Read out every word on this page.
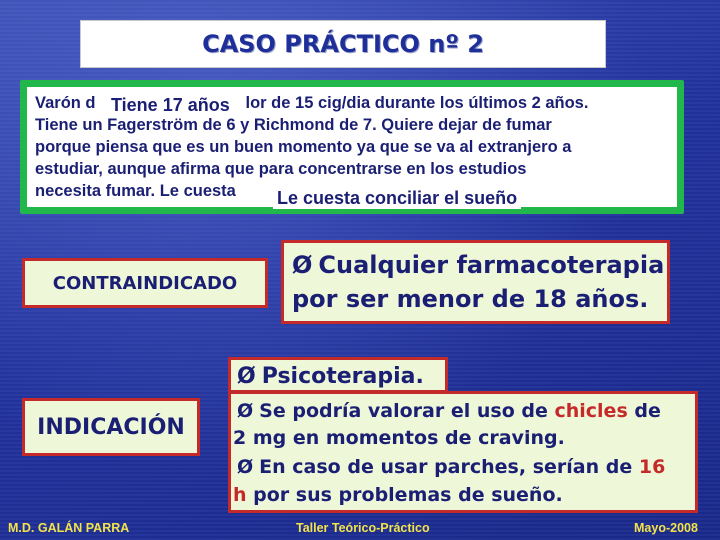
CASO PRÁCTICO nº 2
Varón d	lor de 15 cig/dia durante los últimos 2 años.
Tiene un Fagerström de 6 y Richmond de 7. Quiere dejar de fumar
porque piensa que es un buen momento ya que se va al extranjero a
estudiar, aunque afirma que para concentrarse en los estudios
necesita fumar. Le cuesta
Tiene 17 años
Le cuesta conciliar el sueño
CONTRAINDICADO
Ø Cualquier farmacoterapia
por ser menor de 18 años.
Ø Psicoterapia.
INDICACIÓN
Ø Se podría valorar el uso de chicles de
2 mg en momentos de craving.
Ø En caso de usar parches, serían de 16
h por sus problemas de sueño.
M.D. GALÁN PARRA	Taller Teórico-Práctico	Mayo-2008
